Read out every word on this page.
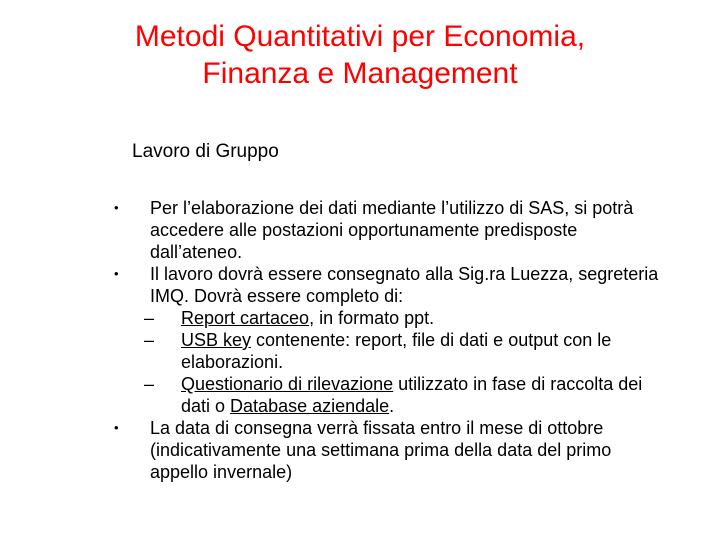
Metodi Quantitativi per Economia,
Finanza e Management
Lavoro di Gruppo
• Per l’elaborazione dei dati mediante l’utilizzo di SAS, si potrà accedere alle postazioni opportunamente predisposte dall’ateneo.
• Il lavoro dovrà essere consegnato alla Sig.ra Luezza, segreteria IMQ. Dovrà essere completo di:
– Report cartaceo, in formato ppt.
– USB key contenente: report, file di dati e output con le elaborazioni.
– Questionario di rilevazione utilizzato in fase di raccolta dei dati o Database aziendale.
• La data di consegna verrà fissata entro il mese di ottobre (indicativamente una settimana prima della data del primo appello invernale)
